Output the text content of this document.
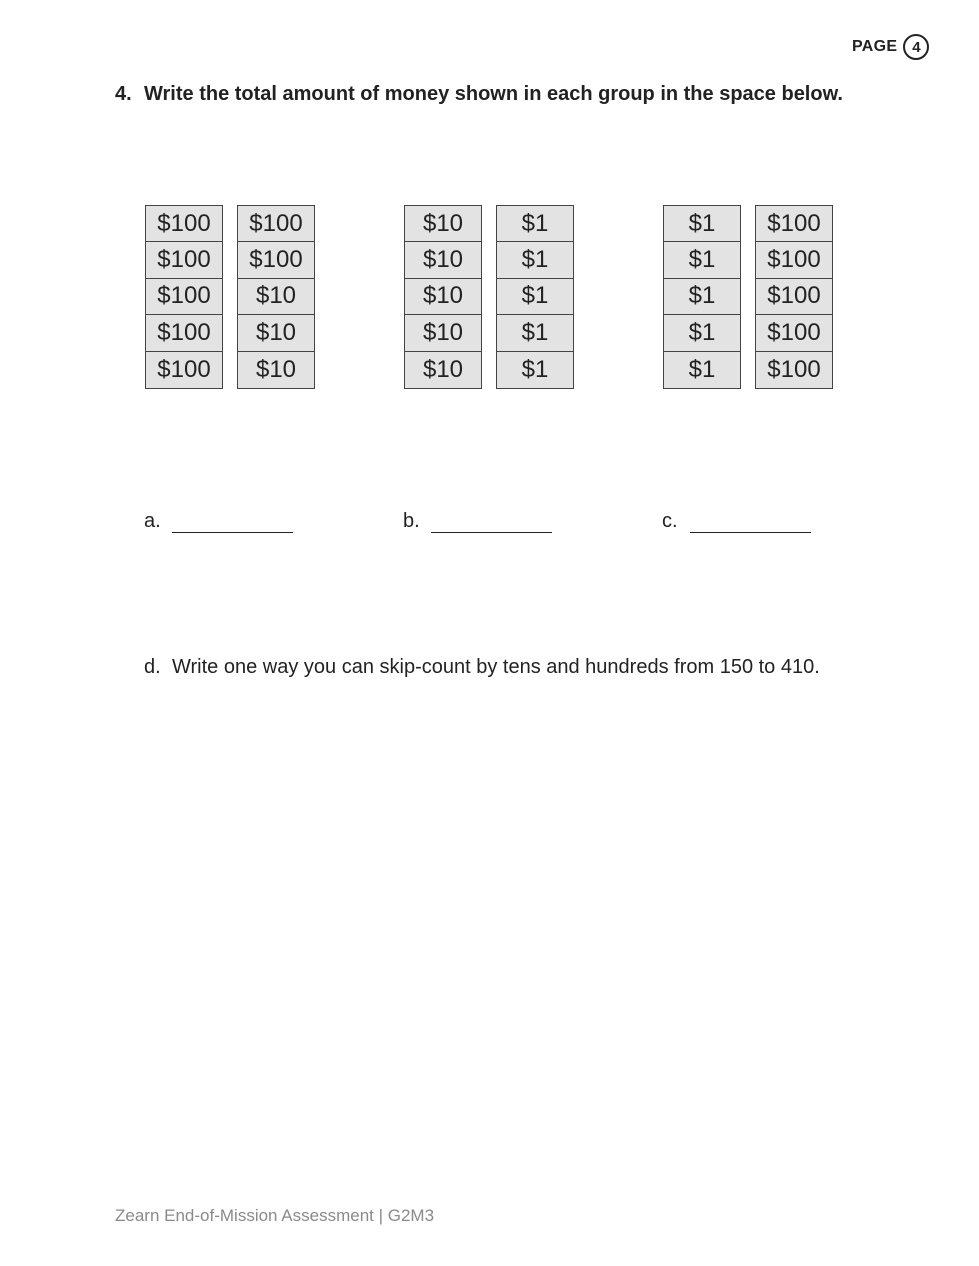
PAGE 4
4. Write the total amount of money shown in each group in the space below.
$100
$100
$100
$100
$100
$100
$100
$10
$10
$10
$10
$10
$10
$10
$10
$1
$1
$1
$1
$1
$1
$1
$1
$1
$1
$100
$100
$100
$100
$100
a.	b.	c.
d. Write one way you can skip-count by tens and hundreds from 150 to 410.
Zearn End-of-Mission Assessment | G2M3
